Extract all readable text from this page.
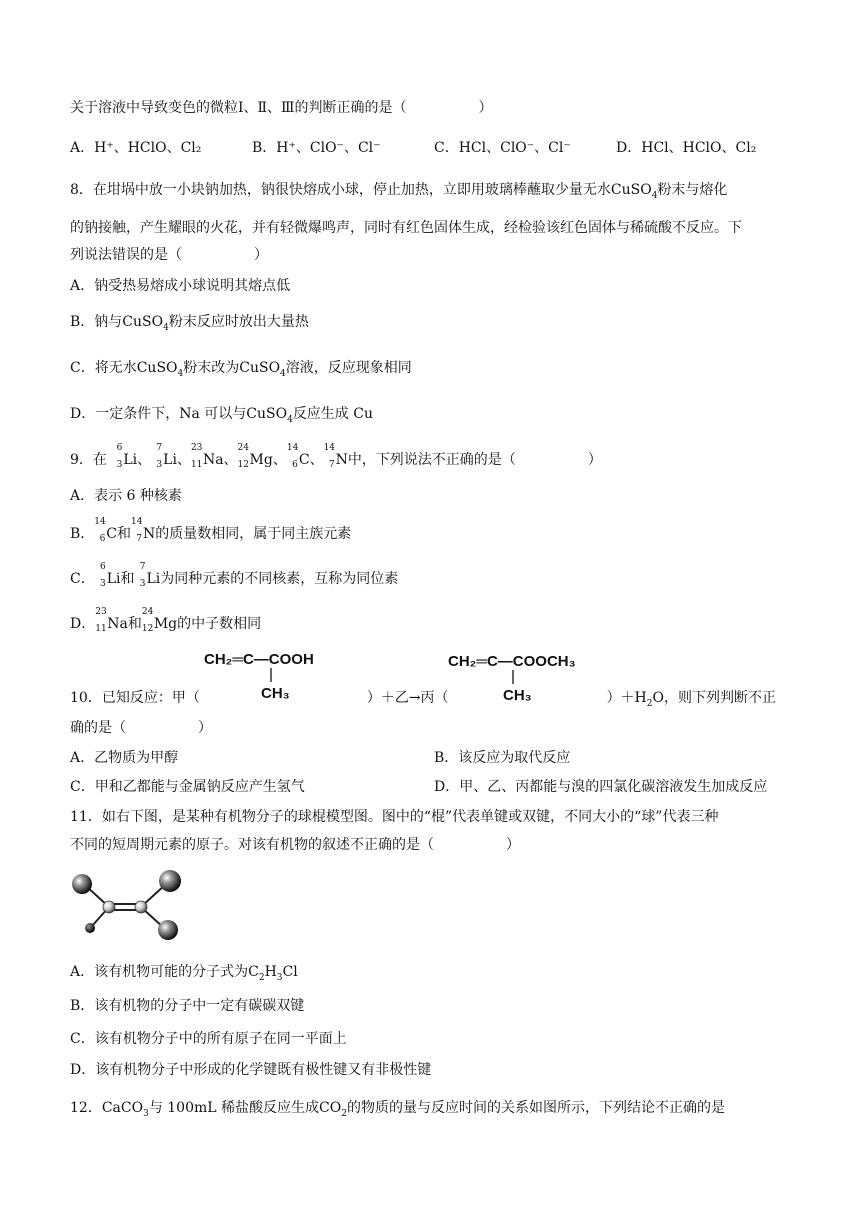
关于溶液中导致变色的微粒Ⅰ、Ⅱ、Ⅲ的判断正确的是（	）
A．H⁺、HClO、Cl₂	B．H⁺、ClO⁻、Cl⁻	C．HCl、ClO⁻、Cl⁻	D．HCl、HClO、Cl₂
8．在坩埚中放一小块钠加热，钠很快熔成小球，停止加热，立即用玻璃棒蘸取少量无水CuSO$_4$粉末与熔化
的钠接触，产生耀眼的火花，并有轻微爆鸣声，同时有红色固体生成，经检验该红色固体与稀硫酸不反应。下
列说法错误的是（	）
A．钠受热易熔成小球说明其熔点低
B．钠与CuSO$_4$粉末反应时放出大量热
C．将无水CuSO$_4$粉末改为CuSO$_4$溶液，反应现象相同
D．一定条件下，Na 可以与CuSO$_4$反应生成 Cu
9．在
6
3 Li、
7
3 Li、
23
11 Na、
24
12 Mg、
14
6 C、
14
7 N中，下列说法不正确的是（	）
A．表示 6 种核素
B．
14
6 C和
14
7 N的质量数相同，属于同主族元素
C．
6
3 Li和
7
3 Li为同种元素的不同核素，互称为同位素
D．
23
11 Na和
24
12 Mg的中子数相同
CH₂═C—COOH
CH₃
CH₂═C—COOCH₃
CH₃
10．已知反应：甲（	）＋乙→丙（	）$+H_2O$，则下列判断不正
确的是（	）
A．乙物质为甲醇	B．该反应为取代反应
C．甲和乙都能与金属钠反应产生氢气	D．甲、乙、丙都能与溴的四氯化碳溶液发生加成反应
11．如右下图，是某种有机物分子的球棍模型图。图中的“棍”代表单键或双键，不同大小的“球”代表三种
不同的短周期元素的原子。对该有机物的叙述不正确的是（	）
A．该有机物可能的分子式为$C_2H_3Cl$
B．该有机物的分子中一定有碳碳双键
C．该有机物分子中的所有原子在同一平面上
D．该有机物分子中形成的化学键既有极性键又有非极性键
12．CaCO$_3$与 100mL 稀盐酸反应生成$CO_2$的物质的量与反应时间的关系如图所示，下列结论不正确的是
